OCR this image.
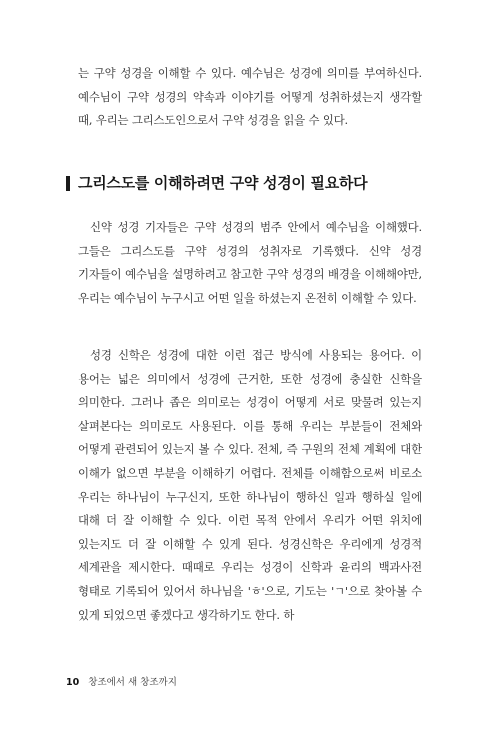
는 구약 성경을 이해할 수 있다. 예수님은 성경에 의미를 부여하신다. 예수님이 구약 성경의 약속과 이야기를 어떻게 성취하셨는지 생각할 때, 우리는 그리스도인으로서 구약 성경을 읽을 수 있다.

그리스도를 이해하려면 구약 성경이 필요하다

신약 성경 기자들은 구약 성경의 범주 안에서 예수님을 이해했다. 그들은 그리스도를 구약 성경의 성취자로 기록했다. 신약 성경 기자들이 예수님을 설명하려고 참고한 구약 성경의 배경을 이해해야만, 우리는 예수님이 누구시고 어떤 일을 하셨는지 온전히 이해할 수 있다.

성경 신학은 성경에 대한 이런 접근 방식에 사용되는 용어다. 이 용어는 넓은 의미에서 성경에 근거한, 또한 성경에 충실한 신학을 의미한다. 그러나 좁은 의미로는 성경이 어떻게 서로 맞물려 있는지 살펴본다는 의미로도 사용된다. 이를 통해 우리는 부분들이 전체와 어떻게 관련되어 있는지 볼 수 있다. 전체, 즉 구원의 전체 계획에 대한 이해가 없으면 부분을 이해하기 어렵다. 전체를 이해함으로써 비로소 우리는 하나님이 누구신지, 또한 하나님이 행하신 일과 행하실 일에 대해 더 잘 이해할 수 있다. 이런 목적 안에서 우리가 어떤 위치에 있는지도 더 잘 이해할 수 있게 된다. 성경신학은 우리에게 성경적 세계관을 제시한다. 때때로 우리는 성경이 신학과 윤리의 백과사전 형태로 기록되어 있어서 하나님을 'ㅎ'으로, 기도는 'ㄱ'으로 찾아볼 수 있게 되었으면 좋겠다고 생각하기도 한다. 하

10 창조에서 새 창조까지
